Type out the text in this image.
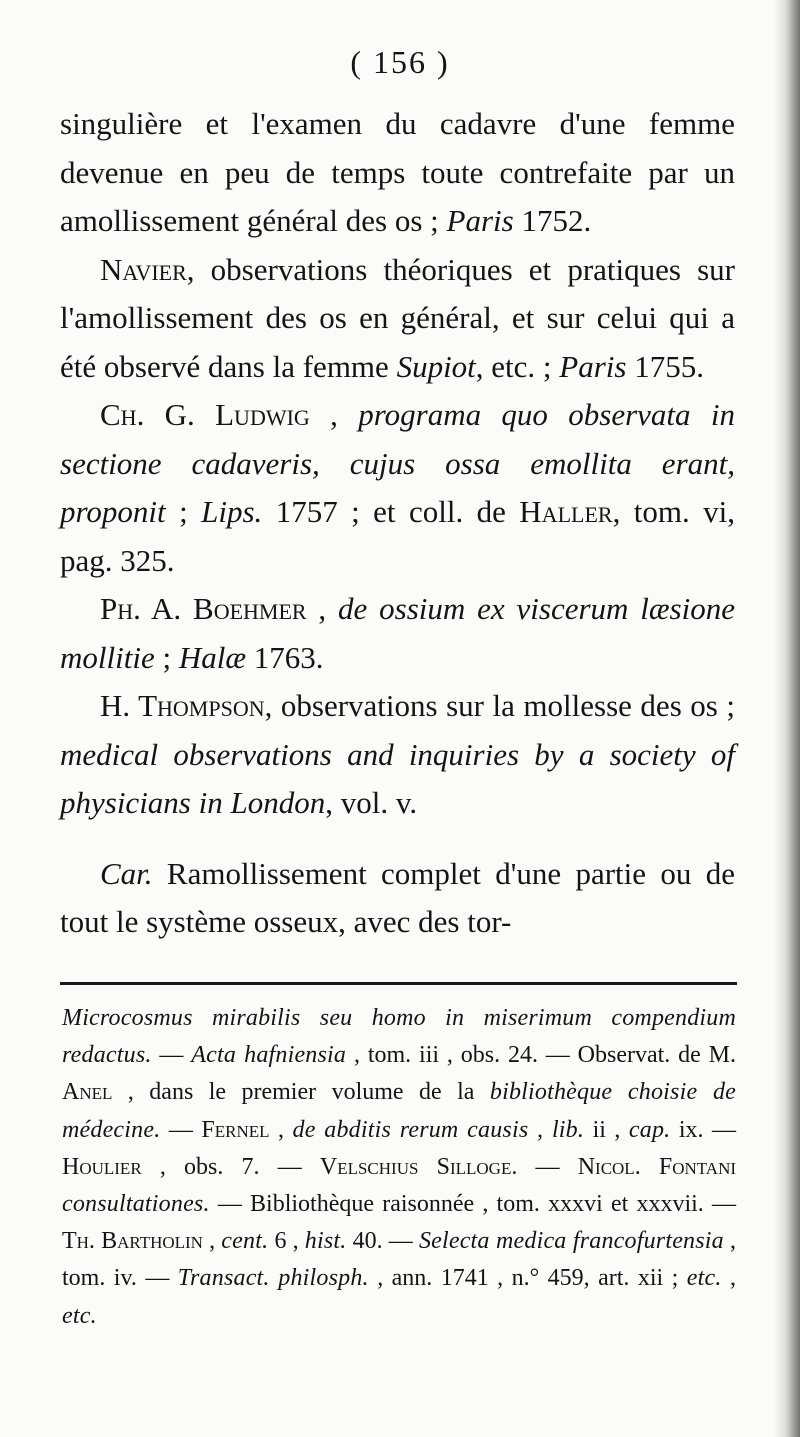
( 156 )

singulière et l'examen du cadavre d'une femme devenue en peu de temps toute contrefaite par un amollissement général des os ; Paris 1752.

Navier, observations théoriques et pratiques sur l'amollissement des os en général, et sur celui qui a été observé dans la femme Supiot, etc. ; Paris 1755.

Ch. G. Ludwig , programa quo observata in sectione cadaveris, cujus ossa emollita erant, proponit ; Lips. 1757 ; et coll. de Haller, tom. vi, pag. 325.

Ph. A. Boehmer , de ossium ex viscerum læsione mollitie ; Halæ 1763.

H. Thompson, observations sur la mollesse des os ; medical observations and inquiries by a society of physicians in London, vol. v.

Car. Ramollissement complet d'une partie ou de tout le système osseux, avec des tor-

Microcosmus mirabilis seu homo in miserimum compendium redactus. — Acta hafniensia , tom. iii , obs. 24. — Observat. de M. Anel , dans le premier volume de la bibliothèque choisie de médecine. — Fernel , de abditis rerum causis , lib. ii , cap. ix. — Houlier , obs. 7. — Velschius Silloge. — Nicol. Fontani consultationes. — Bibliothèque raisonnée , tom. xxxvi et xxxvii. — Th. Bartholin , cent. 6 , hist. 40. — Selecta medica francofurtensia , tom. iv. — Transact. philosph. , ann. 1741 , n.° 459, art. xii ; etc. , etc.
